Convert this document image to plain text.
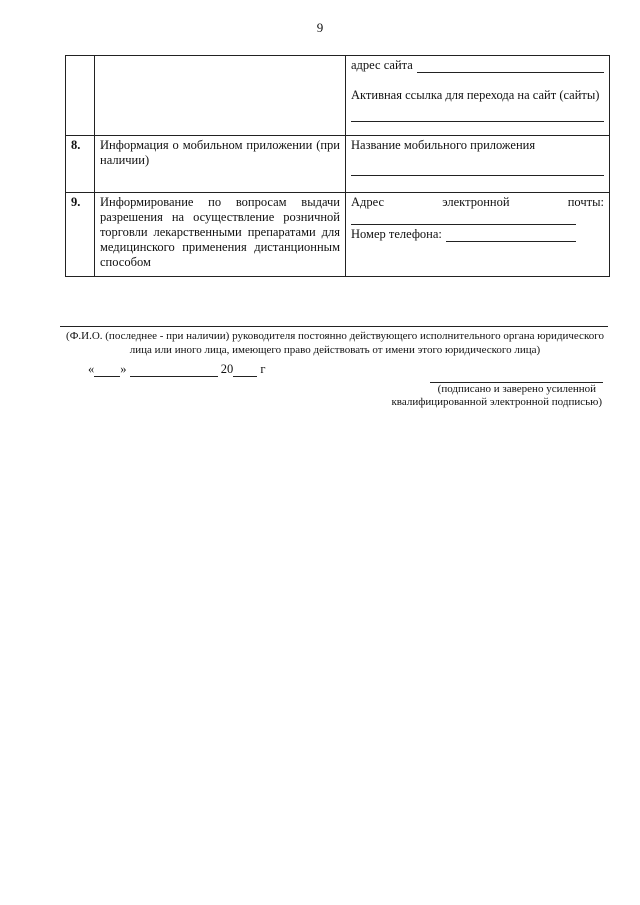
9

		адрес сайта
Активная ссылка для перехода на сайт (сайты)

8.	Информация о мобильном приложении (при наличии)	Название мобильного приложения

9.	Информирование по вопросам выдачи разрешения на осуществление розничной торговли лекарственными препаратами для медицинского применения дистанционным способом	Адрес электронной почты:
Номер телефона:
(Ф.И.О. (последнее - при наличии) руководителя постоянно действующего исполнительного органа юридического
лица или иного лица, имеющего право действовать от имени этого юридического лица)
« »	20 г
(подписано и заверено усиленной
квалифицированной электронной подписью)
